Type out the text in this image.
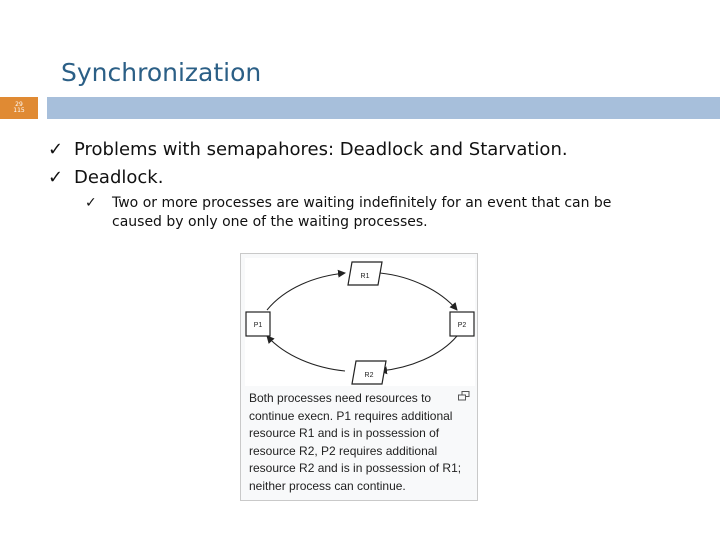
Synchronization
29
115
✓ Problems with semapahores: Deadlock and Starvation.
✓ Deadlock.
✓ Two or more processes are waiting indefinitely for an event that can be
caused by only one of the waiting processes.
R1
R2
P1	P2
Both processes need resources to continue execn. P1 requires additional resource R1 and is in possession of resource R2, P2 requires additional resource R2 and is in possession of R1; neither process can continue.
